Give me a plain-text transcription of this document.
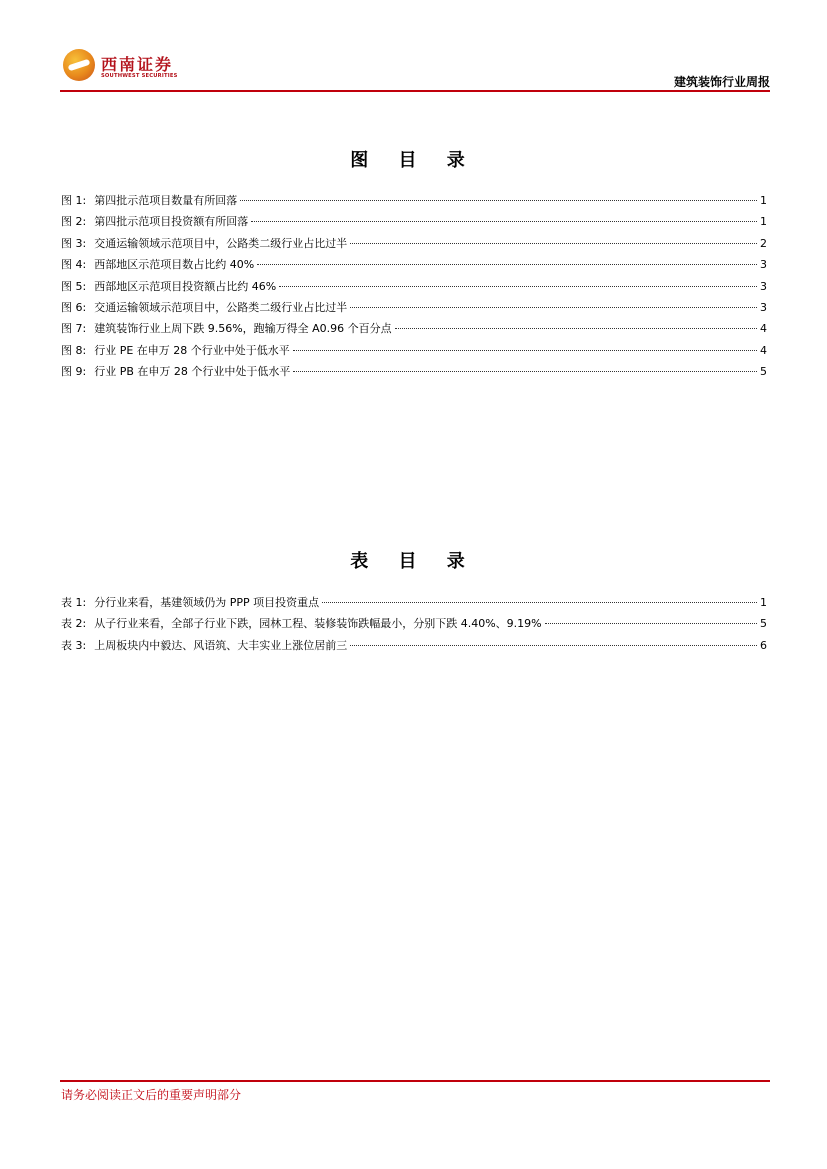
西南证券
SOUTHWEST SECURITIES	建筑装饰行业周报
图 目 录
图 1: 第四批示范项目数量有所回落	1
图 2: 第四批示范项目投资额有所回落	1
图 3: 交通运输领域示范项目中，公路类二级行业占比过半	2
图 4: 西部地区示范项目数占比约 40%	3
图 5: 西部地区示范项目投资额占比约 46%	3
图 6: 交通运输领域示范项目中，公路类二级行业占比过半	3
图 7: 建筑装饰行业上周下跌 9.56%，跑输万得全 A0.96 个百分点	4
图 8: 行业 PE 在申万 28 个行业中处于低水平	4
图 9: 行业 PB 在申万 28 个行业中处于低水平	5
表 目 录
表 1: 分行业来看，基建领域仍为 PPP 项目投资重点	1
表 2: 从子行业来看，全部子行业下跌，园林工程、装修装饰跌幅最小，分别下跌 4.40%、9.19%	5
表 3: 上周板块内中毅达、风语筑、大丰实业上涨位居前三	6
请务必阅读正文后的重要声明部分
